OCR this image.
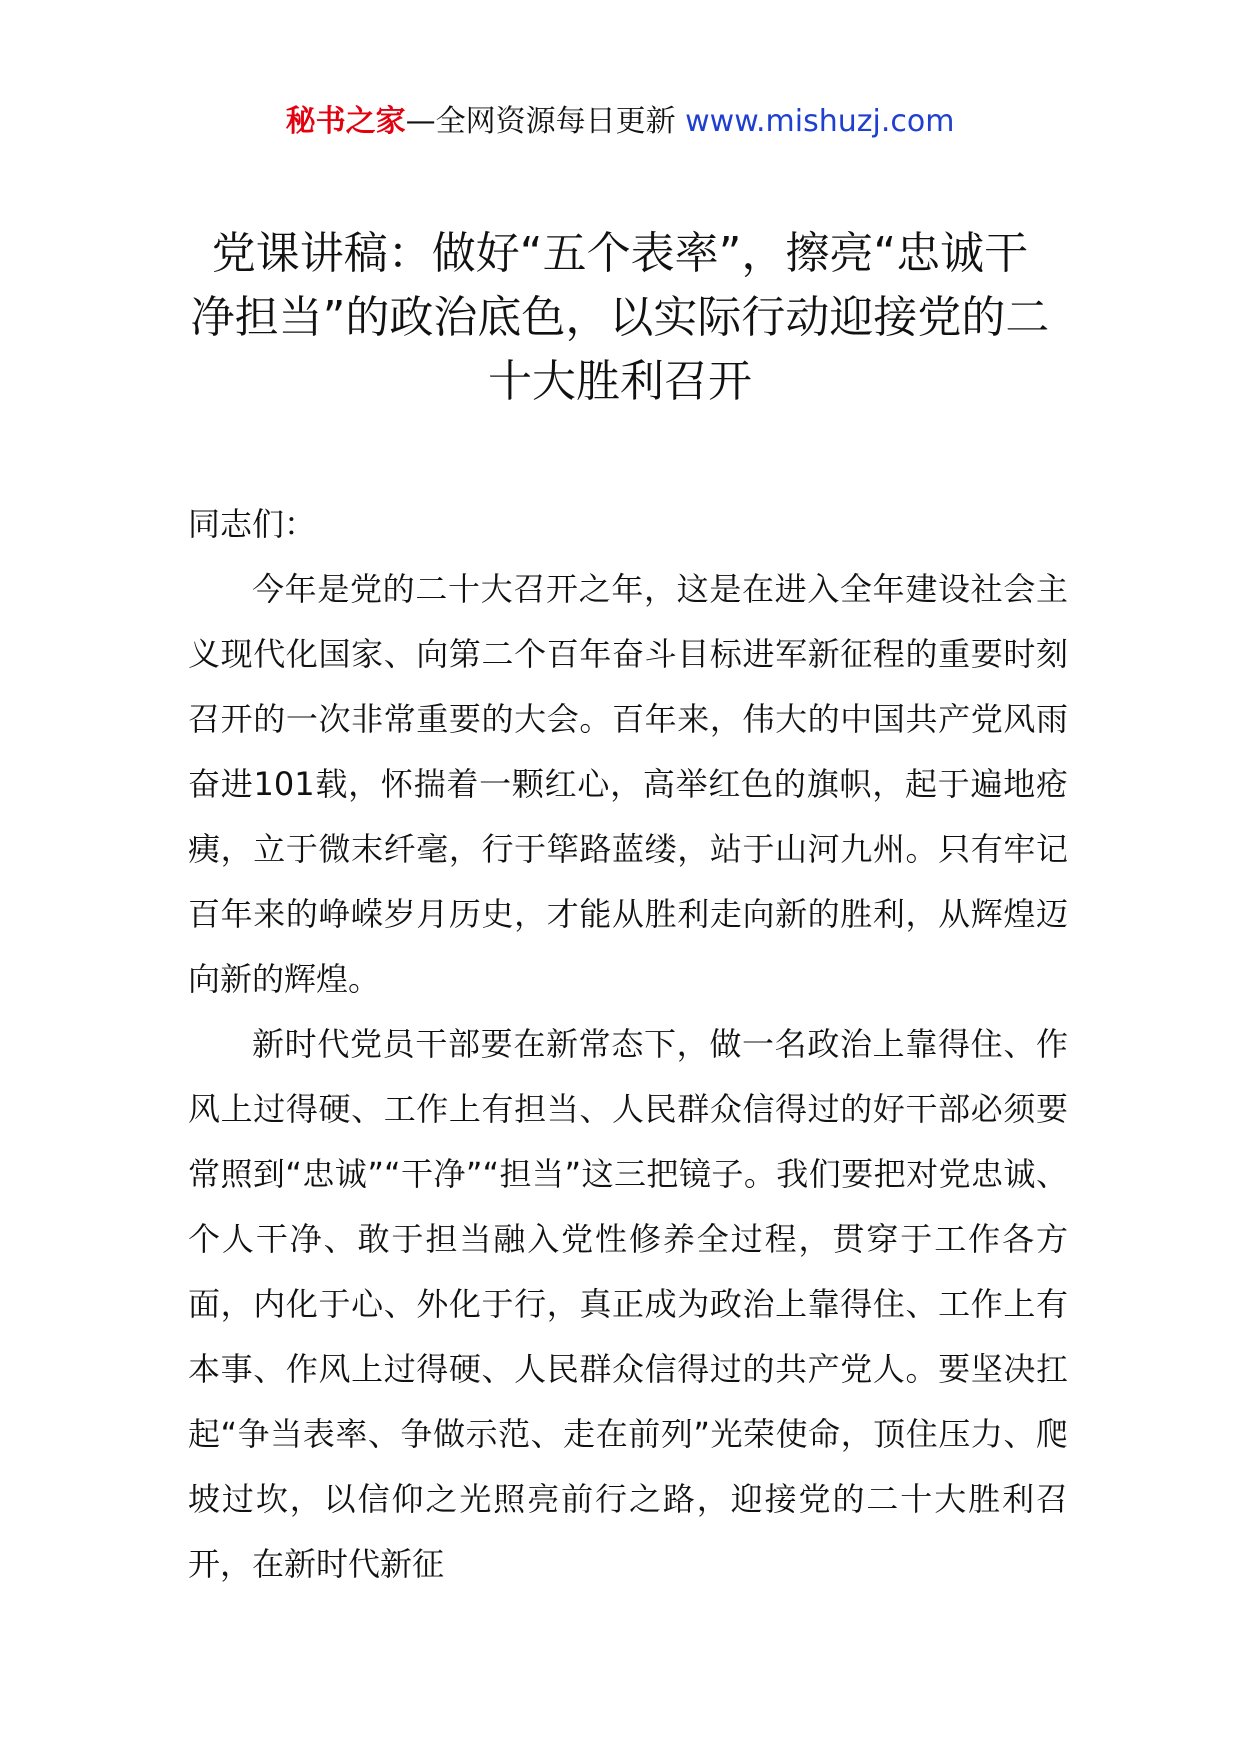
秘书之家—全网资源每日更新 www.mishuzj.com
党课讲稿：做好“五个表率”，擦亮“忠诚干净担当”的政治底色，以实际行动迎接党的二十大胜利召开

同志们：

今年是党的二十大召开之年，这是在进入全年建设社会主义现代化国家、向第二个百年奋斗目标进军新征程的重要时刻召开的一次非常重要的大会。百年来，伟大的中国共产党风雨奋进101载，怀揣着一颗红心，高举红色的旗帜，起于遍地疮痍，立于微末纤毫，行于筚路蓝缕，站于山河九州。只有牢记百年来的峥嵘岁月历史，才能从胜利走向新的胜利，从辉煌迈向新的辉煌。

新时代党员干部要在新常态下，做一名政治上靠得住、作风上过得硬、工作上有担当、人民群众信得过的好干部必须要常照到“忠诚”“干净”“担当”这三把镜子。我们要把对党忠诚、个人干净、敢于担当融入党性修养全过程，贯穿于工作各方面，内化于心、外化于行，真正成为政治上靠得住、工作上有本事、作风上过得硬、人民群众信得过的共产党人。要坚决扛起“争当表率、争做示范、走在前列”光荣使命，顶住压力、爬坡过坎，以信仰之光照亮前行之路，迎接党的二十大胜利召开，在新时代新征
